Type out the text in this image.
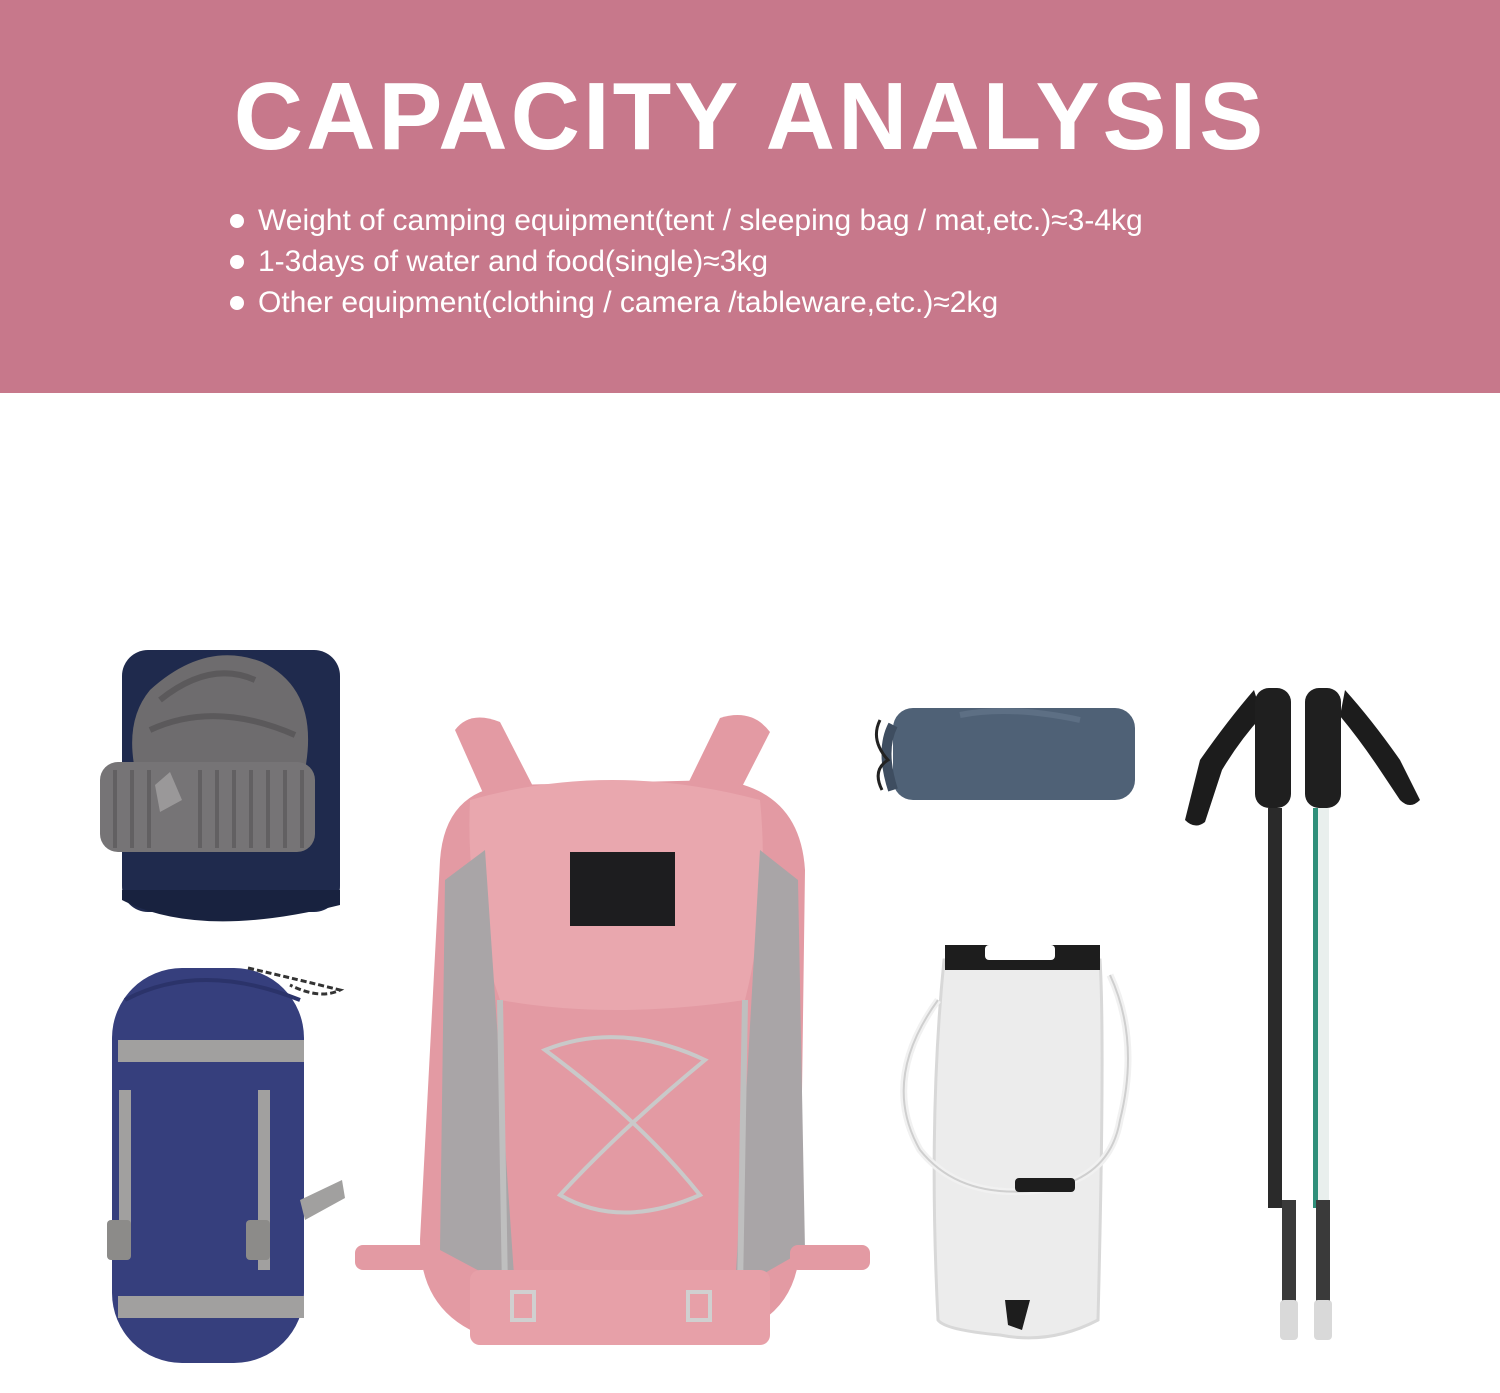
CAPACITY ANALYSIS
Weight of camping equipment(tent / sleeping bag / mat,etc.)≈3-4kg
1-3days of water and food(single)≈3kg
Other equipment(clothing / camera /tableware,etc.)≈2kg
